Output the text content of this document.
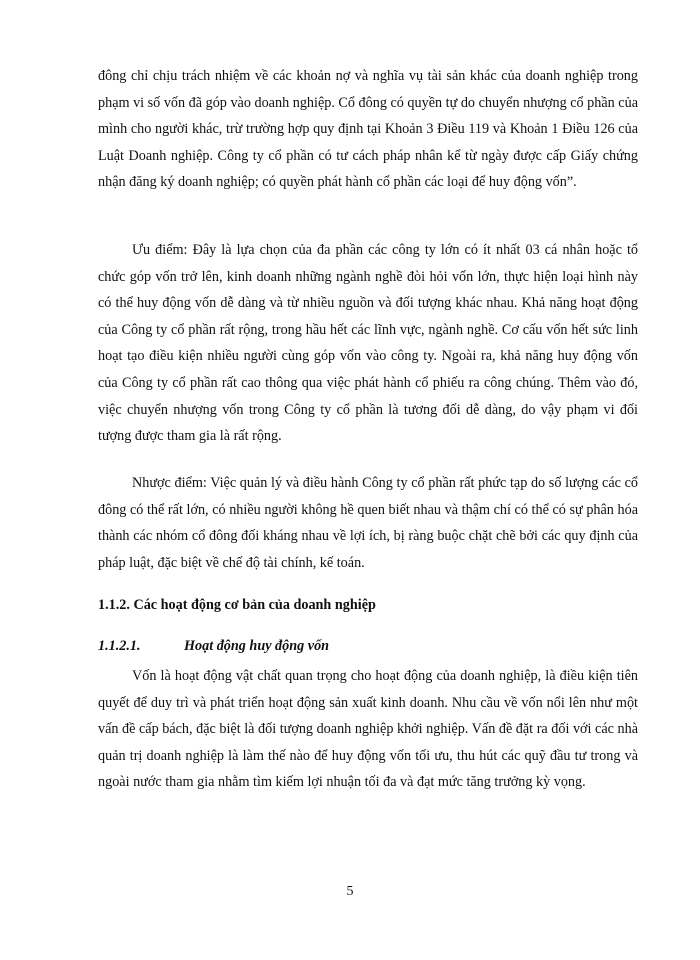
đông chỉ chịu trách nhiệm về các khoản nợ và nghĩa vụ tài sản khác của doanh nghiệp trong phạm vi số vốn đã góp vào doanh nghiệp. Cổ đông có quyền tự do chuyển nhượng cổ phần của mình cho người khác, trừ trường hợp quy định tại Khoản 3 Điều 119 và Khoản 1 Điều 126 của Luật Doanh nghiệp. Công ty cổ phần có tư cách pháp nhân kể từ ngày được cấp Giấy chứng nhận đăng ký doanh nghiệp; có quyền phát hành cổ phần các loại để huy động vốn”.

Ưu điểm: Đây là lựa chọn của đa phần các công ty lớn có ít nhất 03 cá nhân hoặc tổ chức góp vốn trở lên, kinh doanh những ngành nghề đòi hỏi vốn lớn, thực hiện loại hình này có thể huy động vốn dễ dàng và từ nhiều nguồn và đối tượng khác nhau. Khả năng hoạt động của Công ty cổ phần rất rộng, trong hầu hết các lĩnh vực, ngành nghề. Cơ cấu vốn hết sức linh hoạt tạo điều kiện nhiều người cùng góp vốn vào công ty. Ngoài ra, khả năng huy động vốn của Công ty cổ phần rất cao thông qua việc phát hành cổ phiếu ra công chúng. Thêm vào đó, việc chuyển nhượng vốn trong Công ty cổ phần là tương đối dễ dàng, do vậy phạm vi đối tượng được tham gia là rất rộng.

Nhược điểm: Việc quản lý và điều hành Công ty cổ phần rất phức tạp do số lượng các cổ đông có thể rất lớn, có nhiều người không hề quen biết nhau và thậm chí có thể có sự phân hóa thành các nhóm cổ đông đối kháng nhau về lợi ích, bị ràng buộc chặt chẽ bởi các quy định của pháp luật, đặc biệt về chế độ tài chính, kế toán.

1.1.2. Các hoạt động cơ bản của doanh nghiệp
1.1.2.1.	Hoạt động huy động vốn

Vốn là hoạt động vật chất quan trọng cho hoạt động của doanh nghiệp, là điều kiện tiên quyết để duy trì và phát triển hoạt động sản xuất kinh doanh. Nhu cầu về vốn nổi lên như một vấn đề cấp bách, đặc biệt là đối tượng doanh nghiệp khởi nghiệp. Vấn đề đặt ra đối với các nhà quản trị doanh nghiệp là làm thế nào để huy động vốn tối ưu, thu hút các quỹ đầu tư trong và ngoài nước tham gia nhằm tìm kiếm lợi nhuận tối đa và đạt mức tăng trưởng kỳ vọng.

5
